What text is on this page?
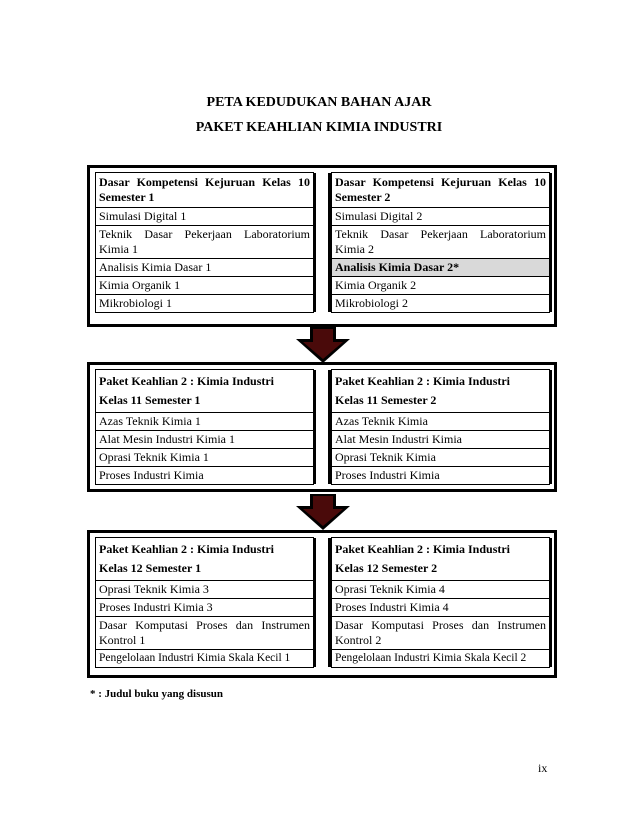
PETA KEDUDUKAN BAHAN AJAR
PAKET KEAHLIAN KIMIA INDUSTRI
Dasar Kompetensi Kejuruan Kelas 10 Semester 1
Simulasi Digital 1
Teknik Dasar Pekerjaan Laboratorium Kimia 1
Analisis Kimia Dasar 1
Kimia Organik 1
Mikrobiologi 1
Dasar Kompetensi Kejuruan Kelas 10 Semester 2
Simulasi Digital 2
Teknik Dasar Pekerjaan Laboratorium Kimia 2
Analisis Kimia Dasar 2*
Kimia Organik 2
Mikrobiologi 2
Paket Keahlian 2 : Kimia Industri
Kelas 11 Semester 1
Azas Teknik Kimia 1
Alat Mesin Industri Kimia 1
Oprasi Teknik Kimia 1
Proses Industri Kimia
Paket Keahlian 2 : Kimia Industri
Kelas 11 Semester 2
Azas Teknik Kimia
Alat Mesin Industri Kimia
Oprasi Teknik Kimia
Proses Industri Kimia
Paket Keahlian 2 : Kimia Industri
Kelas 12 Semester 1
Oprasi Teknik Kimia 3
Proses Industri Kimia 3
Dasar Komputasi Proses dan Instrumen Kontrol 1
Pengelolaan Industri Kimia Skala Kecil 1
Paket Keahlian 2 : Kimia Industri
Kelas 12 Semester 2
Oprasi Teknik Kimia 4
Proses Industri Kimia 4
Dasar Komputasi Proses dan Instrumen Kontrol 2
Pengelolaan Industri Kimia Skala Kecil 2
* : Judul buku yang disusun
ix
